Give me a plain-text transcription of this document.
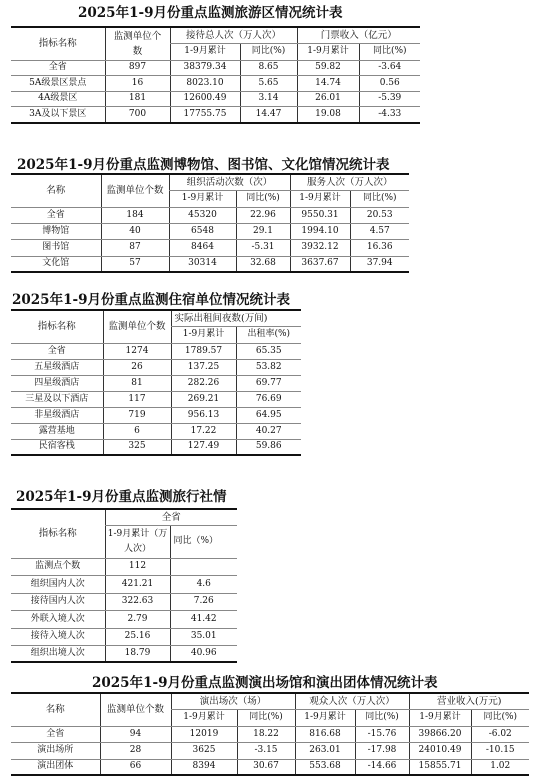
2025年1-9月份重点监测旅游区情况统计表
指标名称	监测单位个数	接待总人次（万人次）		门票收入（亿元）	
		1-9月累计	同比(%)	1-9月累计	同比(%)
全省	897	38379.34	8.65	59.82	-3.64
5A级景区景点	16	8023.10	5.65	14.74	0.56
4A级景区	181	12600.49	3.14	26.01	-5.39
3A及以下景区	700	17755.75	14.47	19.08	-4.33
2025年1-9月份重点监测博物馆、图书馆、文化馆情况统计表
名称	监测单位个数	组织活动次数（次）		服务人次（万人次）	
		1-9月累计	同比(%)	1-9月累计	同比(%)
全省	184	45320	22.96	9550.31	20.53
博物馆	40	6548	29.1	1994.10	4.57
图书馆	87	8464	-5.31	3932.12	16.36
文化馆	57	30314	32.68	3637.67	37.94
2025年1-9月份重点监测住宿单位情况统计表
指标名称	监测单位个数	实际出租间夜数(万间)	
		1-9月累计	出租率(%)
全省	1274	1789.57	65.35
五星级酒店	26	137.25	53.82
四星级酒店	81	282.26	69.77
三星及以下酒店	117	269.21	76.69
非星级酒店	719	956.13	64.95
露营基地	6	17.22	40.27
民宿客栈	325	127.49	59.86
2025年1-9月份重点监测旅行社情
指标名称	全省	
	1-9月累计（万人次）	同比（%）
监测点个数	112	
组织国内人次	421.21	4.6
接待国内人次	322.63	7.26
外联入境人次	2.79	41.42
接待入境人次	25.16	35.01
组织出境人次	18.79	40.96
2025年1-9月份重点监测演出场馆和演出团体情况统计表
名称	监测单位个数	演出场次（场）		观众人次（万人次）		营业收入(万元)	
		1-9月累计	同比(%)	1-9月累计	同比(%)	1-9月累计	同比(%)
全省	94	12019	18.22	816.68	-15.76	39866.20	-6.02
演出场所	28	3625	-3.15	263.01	-17.98	24010.49	-10.15
演出团体	66	8394	30.67	553.68	-14.66	15855.71	1.02
